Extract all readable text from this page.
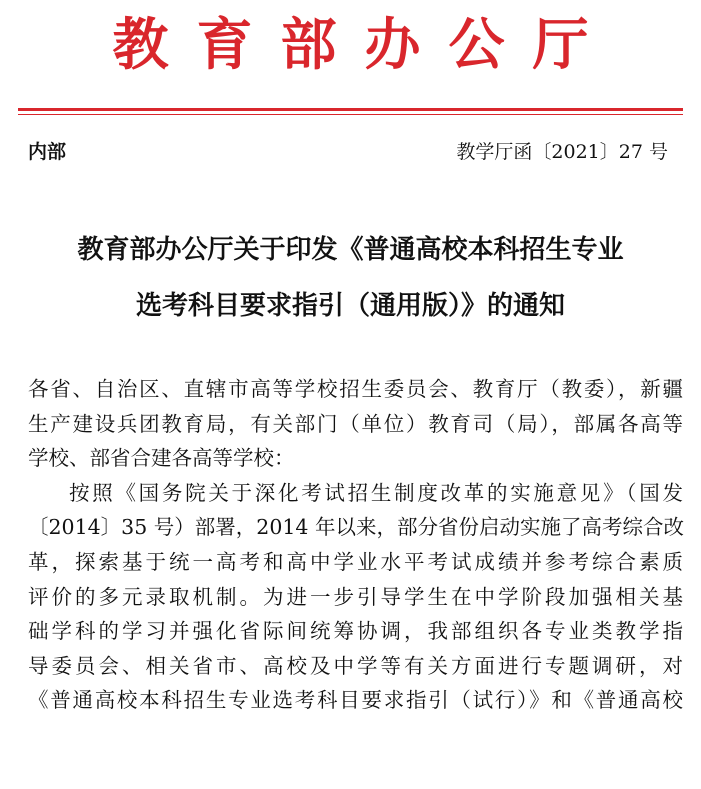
教育部办公厅
内部	教学厅函〔2021〕27 号
教育部办公厅关于印发《普通高校本科招生专业
选考科目要求指引（通用版）》的通知
各省、自治区、直辖市高等学校招生委员会、教育厅（教委），新疆
生产建设兵团教育局，有关部门（单位）教育司（局），部属各高等
学校、部省合建各高等学校：
按照《国务院关于深化考试招生制度改革的实施意见》（国发
〔2014〕35 号）部署，2014 年以来，部分省份启动实施了高考综合改
革，探索基于统一高考和高中学业水平考试成绩并参考综合素质
评价的多元录取机制。为进一步引导学生在中学阶段加强相关基
础学科的学习并强化省际间统筹协调，我部组织各专业类教学指
导委员会、相关省市、高校及中学等有关方面进行专题调研，对
《普通高校本科招生专业选考科目要求指引（试行）》和《普通高校
